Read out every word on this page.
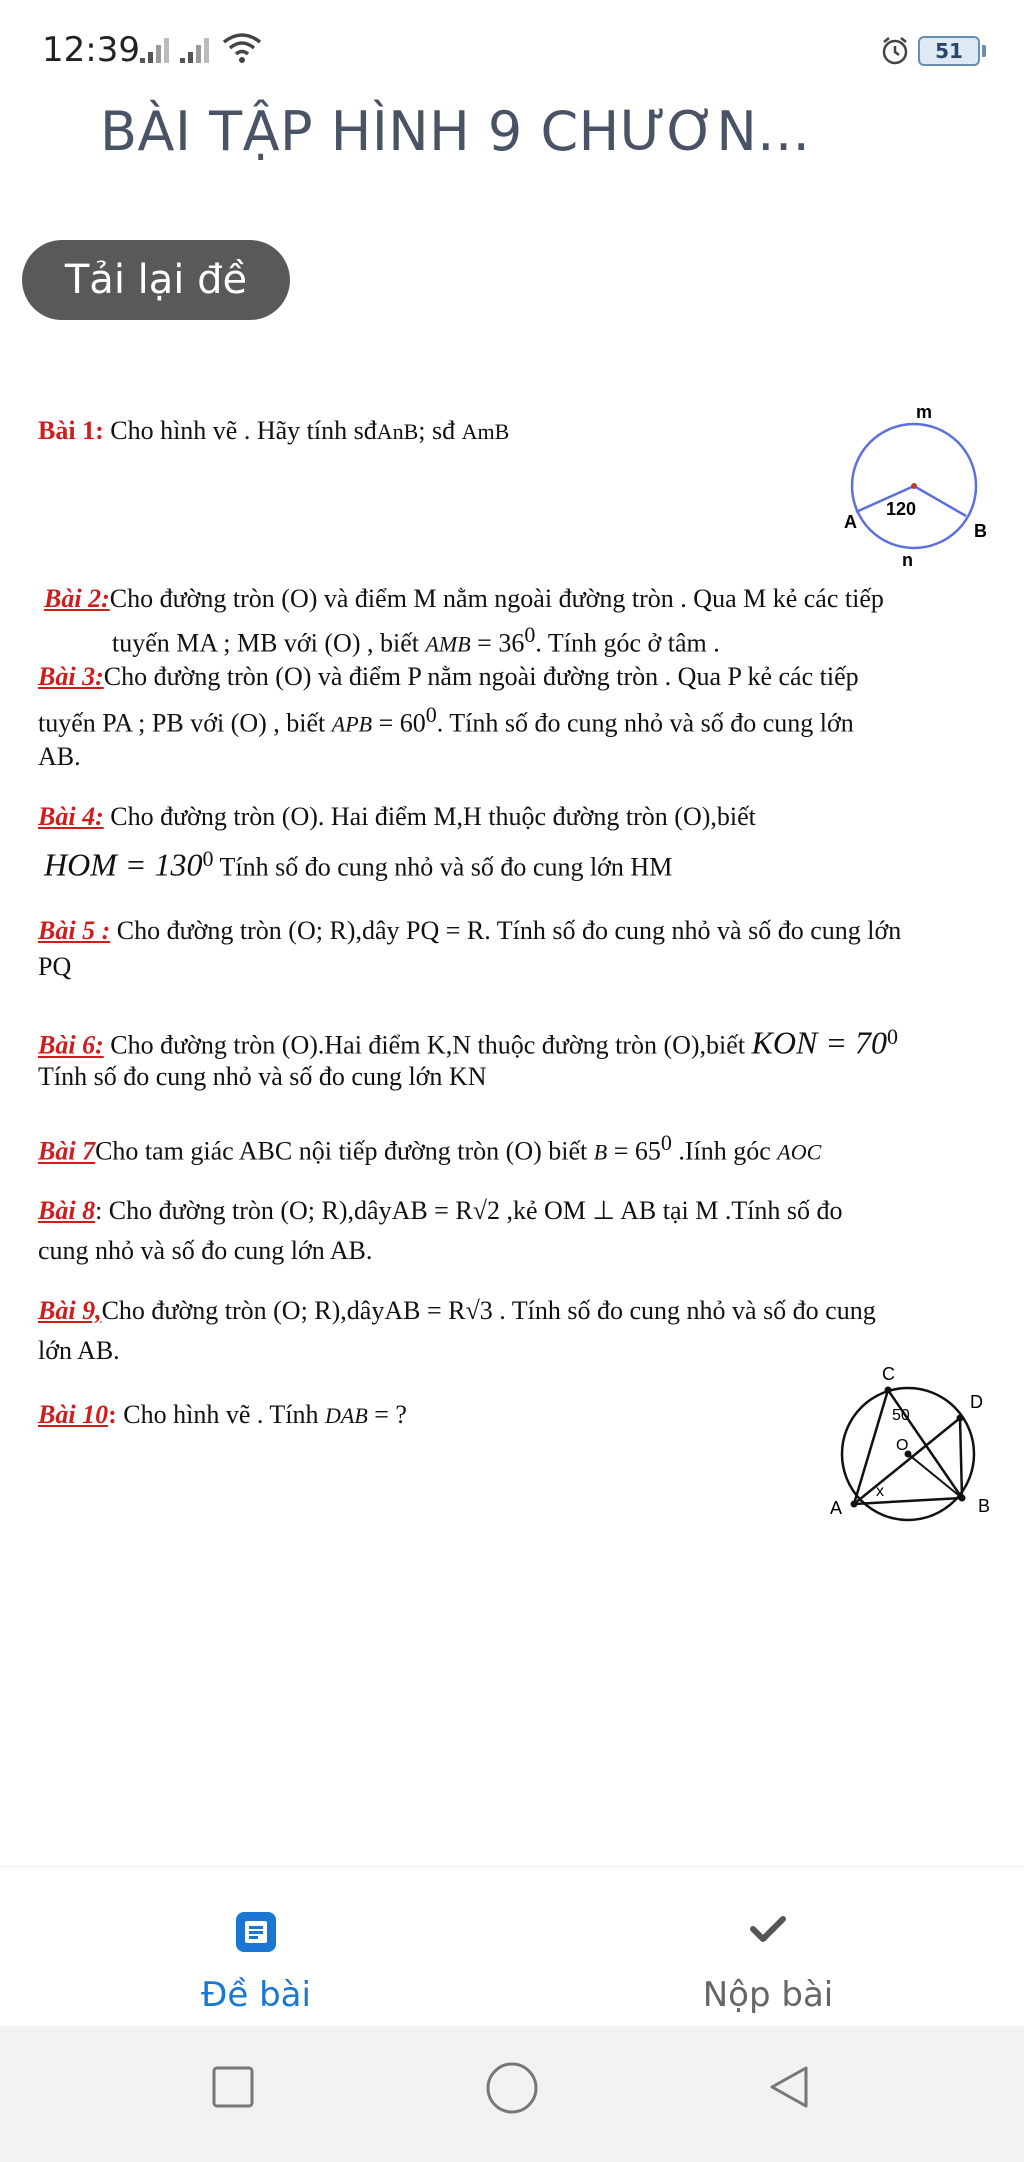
12:39	51
BÀI TẬP HÌNH 9 CHƯƠN...
Tải lại đề
Bài 1: Cho hình vẽ . Hãy tính sđAnB; sđ AmB
Bài 2:Cho đường tròn (O) và điểm M nằm ngoài đường tròn . Qua M kẻ các tiếp
tuyến MA ; MB với (O) , biết AMB = $36^0$. Tính góc ở tâm .
Bài 3:Cho đường tròn (O) và điểm P nằm ngoài đường tròn . Qua P kẻ các tiếp
tuyến PA ; PB với (O) , biết APB = $60^0$. Tính số đo cung nhỏ và số đo cung lớn
AB.
Bài 4: Cho đường tròn (O). Hai điểm M,H thuộc đường tròn (O),biết
HOM = $130^0$ Tính số đo cung nhỏ và số đo cung lớn HM
Bài 5 : Cho đường tròn (O; R),dây PQ = R. Tính số đo cung nhỏ và số đo cung lớn
PQ
Bài 6: Cho đường tròn (O).Hai điểm K,N thuộc đường tròn (O),biết KON = $70^0$
Tính số đo cung nhỏ và số đo cung lớn KN
Bài 7Cho tam giác ABC nội tiếp đường tròn (O) biết $B = 65^0$ .Iính góc AOC
Bài 8: Cho đường tròn (O; R),dâyAB = R√2 ,kẻ OM ⊥ AB tại M .Tính số đo
cung nhỏ và số đo cung lớn AB.
Bài 9,Cho đường tròn (O; R),dâyAB = R√3 . Tính số đo cung nhỏ và số đo cung
lớn AB.
Bài 10: Cho hình vẽ . Tính DAB = ?
m
120
A	B
n
C
D
50
O
x
A	B
Đề bài	Nộp bài
